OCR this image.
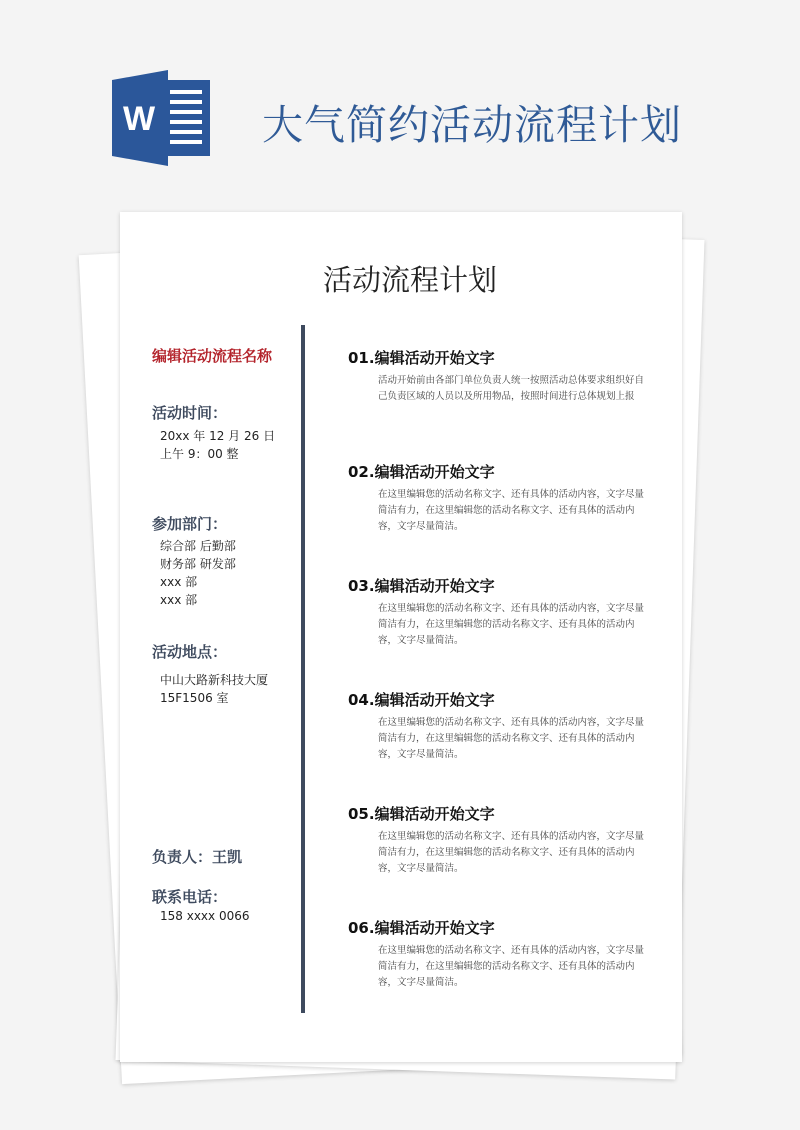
W	大气简约活动流程计划
活动流程计划
编辑活动流程名称
活动时间：
20xx 年 12 月 26 日
上午 9：00 整
参加部门：
综合部 后勤部
财务部 研发部
xxx 部
xxx 部
活动地点：
中山大路新科技大厦
15F1506 室
负责人：王凯
联系电话：
158 xxxx 0066
01.编辑活动开始文字
活动开始前由各部门单位负责人统一按照活动总体要求组织好自己负责区域的人员以及所用物品，按照时间进行总体规划上报
02.编辑活动开始文字
在这里编辑您的活动名称文字、还有具体的活动内容，文字尽量简洁有力，在这里编辑您的活动名称文字、还有具体的活动内容，文字尽量简洁。
03.编辑活动开始文字
在这里编辑您的活动名称文字、还有具体的活动内容，文字尽量简洁有力，在这里编辑您的活动名称文字、还有具体的活动内容，文字尽量简洁。
04.编辑活动开始文字
在这里编辑您的活动名称文字、还有具体的活动内容，文字尽量简洁有力，在这里编辑您的活动名称文字、还有具体的活动内容，文字尽量简洁。
05.编辑活动开始文字
在这里编辑您的活动名称文字、还有具体的活动内容，文字尽量简洁有力，在这里编辑您的活动名称文字、还有具体的活动内容，文字尽量简洁。
06.编辑活动开始文字
在这里编辑您的活动名称文字、还有具体的活动内容，文字尽量简洁有力，在这里编辑您的活动名称文字、还有具体的活动内容，文字尽量简洁。
